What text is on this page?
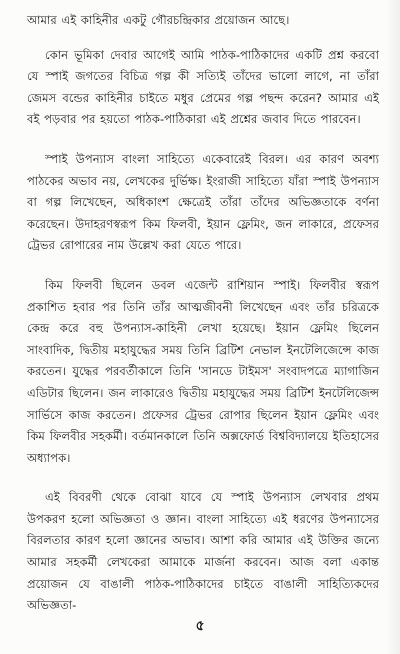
আমার এই কাহিনীর একটু গৌরচন্দ্রিকার প্রয়োজন আছে।

কোন ভূমিকা দেবার আগেই আমি পাঠক-পাঠিকাদের একটি প্রশ্ন করবো যে স্পাই জগতের বিচিত্র গল্প কী সত্যিই তাঁদের ভালো লাগে, না তাঁরা জেমস বন্ডের কাহিনীর চাইতে মধুর প্রেমের গল্প পছন্দ করেন? আমার এই বই পড়বার পর হয়তো পাঠক-পাঠিকারা এই প্রশ্নের জবাব দিতে পারবেন।

স্পাই উপন্যাস বাংলা সাহিত্যে একেবারেই বিরল। এর কারণ অবশ্য পাঠকের অভাব নয়, লেখকের দুর্ভিক্ষ। ইংরাজী সাহিত্যে যাঁরা স্পাই উপন্যাস বা গল্প লিখেছেন, অধিকাংশ ক্ষেত্রেই তাঁরা তাঁদের অভিজ্ঞতাকে বর্ণনা করেছেন। উদাহরণস্বরূপ কিম ফিলবী, ইয়ান ফ্লেমিং, জন লাকারে, প্রফেসর ট্রেভর রোপারের নাম উল্লেখ করা যেতে পারে।

কিম ফিলবী ছিলেন ডবল এজেন্ট রাশিয়ান স্পাই। ফিলবীর স্বরূপ প্রকাশিত হবার পর তিনি তাঁর আত্মজীবনী লিখেছেন এবং তাঁর চরিত্রকে কেন্দ্র করে বহু উপন্যাস-কাহিনী লেখা হয়েছে। ইয়ান ফ্লেমিং ছিলেন সাংবাদিক, দ্বিতীয় মহাযুদ্ধের সময় তিনি ব্রিটিশ নেভাল ইনটেলিজেন্সে কাজ করতেন। যুদ্ধের পরবর্তীকালে তিনি 'সানডে টাইমস' সংবাদপত্রে ম্যাগাজিন এডিটার ছিলেন। জন লাকারেও দ্বিতীয় মহাযুদ্ধের সময় ব্রিটিশ ইনটেলিজেন্স সার্ভিসে কাজ করতেন। প্রফেসর ট্রেভর রোপার ছিলেন ইয়ান ফ্লেমিং এবং কিম ফিলবীর সহকর্মী। বর্তমানকালে তিনি অক্সফোর্ড বিশ্ববিদ্যালয়ে ইতিহাসের অধ্যাপক।

এই বিবরণী থেকে বোঝা যাবে যে স্পাই উপন্যাস লেখবার প্রথম উপকরণ হলো অভিজ্ঞতা ও জ্ঞান। বাংলা সাহিত্যে এই ধরণের উপন্যাসের বিরলতার কারণ হলো জ্ঞানের অভাব। আশা করি আমার এই উক্তির জন্যে আমার সহকর্মী লেখকেরা আমাকে মার্জনা করবেন। আজ বলা একান্ত প্রয়োজন যে বাঙালী পাঠক-পাঠিকাদের চাইতে বাঙালী সাহিত্যিকদের অভিজ্ঞতা-

৫
